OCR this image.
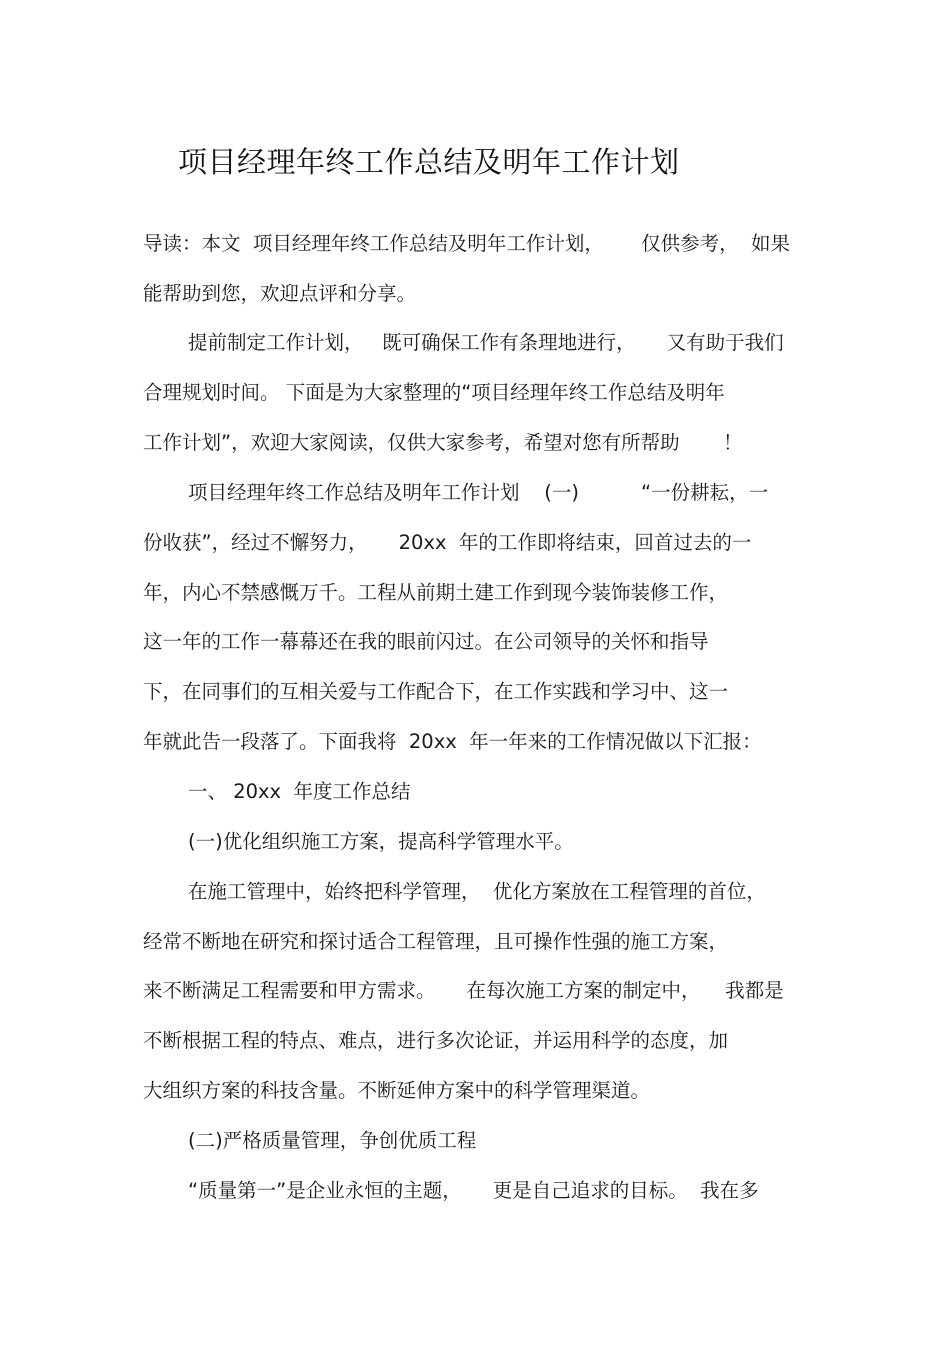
项目经理年终工作总结及明年工作计划
导读：本文  项目经理年终工作总结及明年工作计划，      仅供参考，  如果
能帮助到您，欢迎点评和分享。
提前制定工作计划，   既可确保工作有条理地进行，     又有助于我们
合理规划时间。 下面是为大家整理的“项目经理年终工作总结及明年
工作计划”，欢迎大家阅读，仅供大家参考，希望对您有所帮助       ！
项目经理年终工作总结及明年工作计划    (一)          “一份耕耘，一
份收获”，经过不懈努力，     20xx  年的工作即将结束，回首过去的一
年，内心不禁感慨万千。工程从前期土建工作到现今装饰装修工作，
这一年的工作一幕幕还在我的眼前闪过。在公司领导的关怀和指导
下，在同事们的互相关爱与工作配合下，在工作实践和学习中、这一
年就此告一段落了。下面我将  20xx  年一年来的工作情况做以下汇报：
一、 20xx  年度工作总结
(一)优化组织施工方案，提高科学管理水平。
在施工管理中，始终把科学管理，  优化方案放在工程管理的首位，
经常不断地在研究和探讨适合工程管理，且可操作性强的施工方案，
来不断满足工程需要和甲方需求。     在每次施工方案的制定中，    我都是
不断根据工程的特点、难点，进行多次论证，并运用科学的态度，加
大组织方案的科技含量。不断延伸方案中的科学管理渠道。
(二)严格质量管理，争创优质工程
“质量第一”是企业永恒的主题，     更是自己追求的目标。  我在多
